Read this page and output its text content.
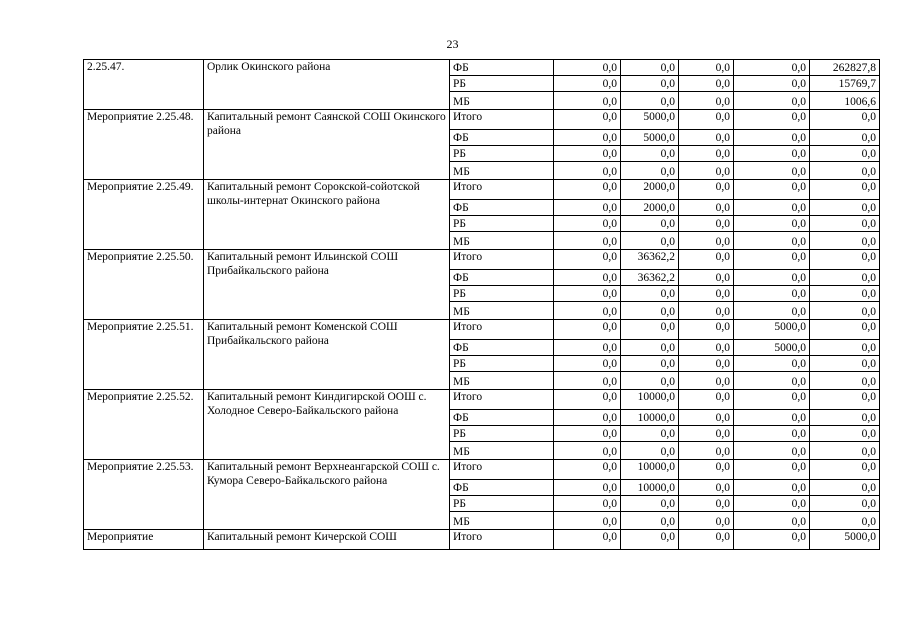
23
2.25.47.	Орлик Окинского района	ФБ	0,0	0,0	0,0	0,0	262827,8
		РБ	0,0	0,0	0,0	0,0	15769,7
		МБ	0,0	0,0	0,0	0,0	1006,6
Мероприятие 2.25.48.	Капитальный ремонт Саянской СОШ Окинского района	Итого	0,0	5000,0	0,0	0,0	0,0
		ФБ	0,0	5000,0	0,0	0,0	0,0
		РБ	0,0	0,0	0,0	0,0	0,0
		МБ	0,0	0,0	0,0	0,0	0,0
Мероприятие 2.25.49.	Капитальный ремонт Сорокской-сойотской школы-интернат Окинского района	Итого	0,0	2000,0	0,0	0,0	0,0
		ФБ	0,0	2000,0	0,0	0,0	0,0
		РБ	0,0	0,0	0,0	0,0	0,0
		МБ	0,0	0,0	0,0	0,0	0,0
Мероприятие 2.25.50.	Капитальный ремонт Ильинской СОШ Прибайкальского района	Итого	0,0	36362,2	0,0	0,0	0,0
		ФБ	0,0	36362,2	0,0	0,0	0,0
		РБ	0,0	0,0	0,0	0,0	0,0
		МБ	0,0	0,0	0,0	0,0	0,0
Мероприятие 2.25.51.	Капитальный ремонт Коменской СОШ Прибайкальского района	Итого	0,0	0,0	0,0	5000,0	0,0
		ФБ	0,0	0,0	0,0	5000,0	0,0
		РБ	0,0	0,0	0,0	0,0	0,0
		МБ	0,0	0,0	0,0	0,0	0,0
Мероприятие 2.25.52.	Капитальный ремонт Киндигирской ООШ с. Холодное Северо-Байкальского района	Итого	0,0	10000,0	0,0	0,0	0,0
		ФБ	0,0	10000,0	0,0	0,0	0,0
		РБ	0,0	0,0	0,0	0,0	0,0
		МБ	0,0	0,0	0,0	0,0	0,0
Мероприятие 2.25.53.	Капитальный ремонт Верхнеангарской СОШ с. Кумора Северо-Байкальского района	Итого	0,0	10000,0	0,0	0,0	0,0
		ФБ	0,0	10000,0	0,0	0,0	0,0
		РБ	0,0	0,0	0,0	0,0	0,0
		МБ	0,0	0,0	0,0	0,0	0,0
Мероприятие	Капитальный ремонт Кичерской СОШ	Итого	0,0	0,0	0,0	0,0	5000,0
